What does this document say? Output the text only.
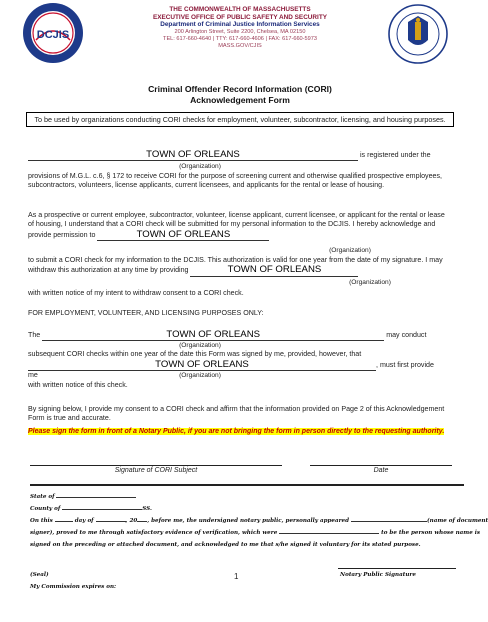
DCJIS
THE COMMONWEALTH OF MASSACHUSETTS
EXECUTIVE OFFICE OF PUBLIC SAFETY AND SECURITY
Department of Criminal Justice Information Services
200 Arlington Street, Suite 2200, Chelsea, MA 02150
TEL: 617-660-4640 | TTY: 617-660-4606 | FAX: 617-660-5973
MASS.GOV/CJIS
Criminal Offender Record Information (CORI)
Acknowledgement Form
To be used by organizations conducting CORI checks for employment, volunteer, subcontractor, licensing, and housing purposes.
TOWN OF ORLEANS	is registered under the
(Organization)
provisions of M.G.L. c.6, § 172 to receive CORI for the purpose of screening current and otherwise qualified prospective employees, subcontractors, volunteers, license applicants, current licensees, and applicants for the rental or lease of housing.
As a prospective or current employee, subcontractor, volunteer, license applicant, current licensee, or applicant for the rental or lease of housing, I understand that a CORI check will be submitted for my personal information to the DCJIS. I hereby acknowledge and provide permission to	TOWN OF ORLEANS
(Organization)
to submit a CORI check for my information to the DCJIS. This authorization is valid for one year from the date of my signature. I may withdraw this authorization at any time by providing	TOWN OF ORLEANS
(Organization)
with written notice of my intent to withdraw consent to a CORI check.
FOR EMPLOYMENT, VOLUNTEER, AND LICENSING PURPOSES ONLY:
The	TOWN OF ORLEANS	may conduct
(Organization)
subsequent CORI checks within one year of the date this Form was signed by me, provided, however, that
TOWN OF ORLEANS	, must first provide
me	(Organization)
with written notice of this check.
By signing below, I provide my consent to a CORI check and affirm that the information provided on Page 2 of this Acknowledgement Form is true and accurate.
Please sign the form in front of a Notary Public, if you are not bringing the form in person directly to the requesting authority.
Signature of CORI Subject	Date
State of
County of	SS.
On this	day of	, 20 , before me, the undersigned notary public, personally appeared	(name of document
signer), proved to me through satisfactory evidence of verification, which were	to be the person whose name is
signed on the preceding or attached document, and acknowledged to me that s/he signed it voluntary for its stated purpose.
Notary Public Signature
(Seal)
My Commission expires on:
1
